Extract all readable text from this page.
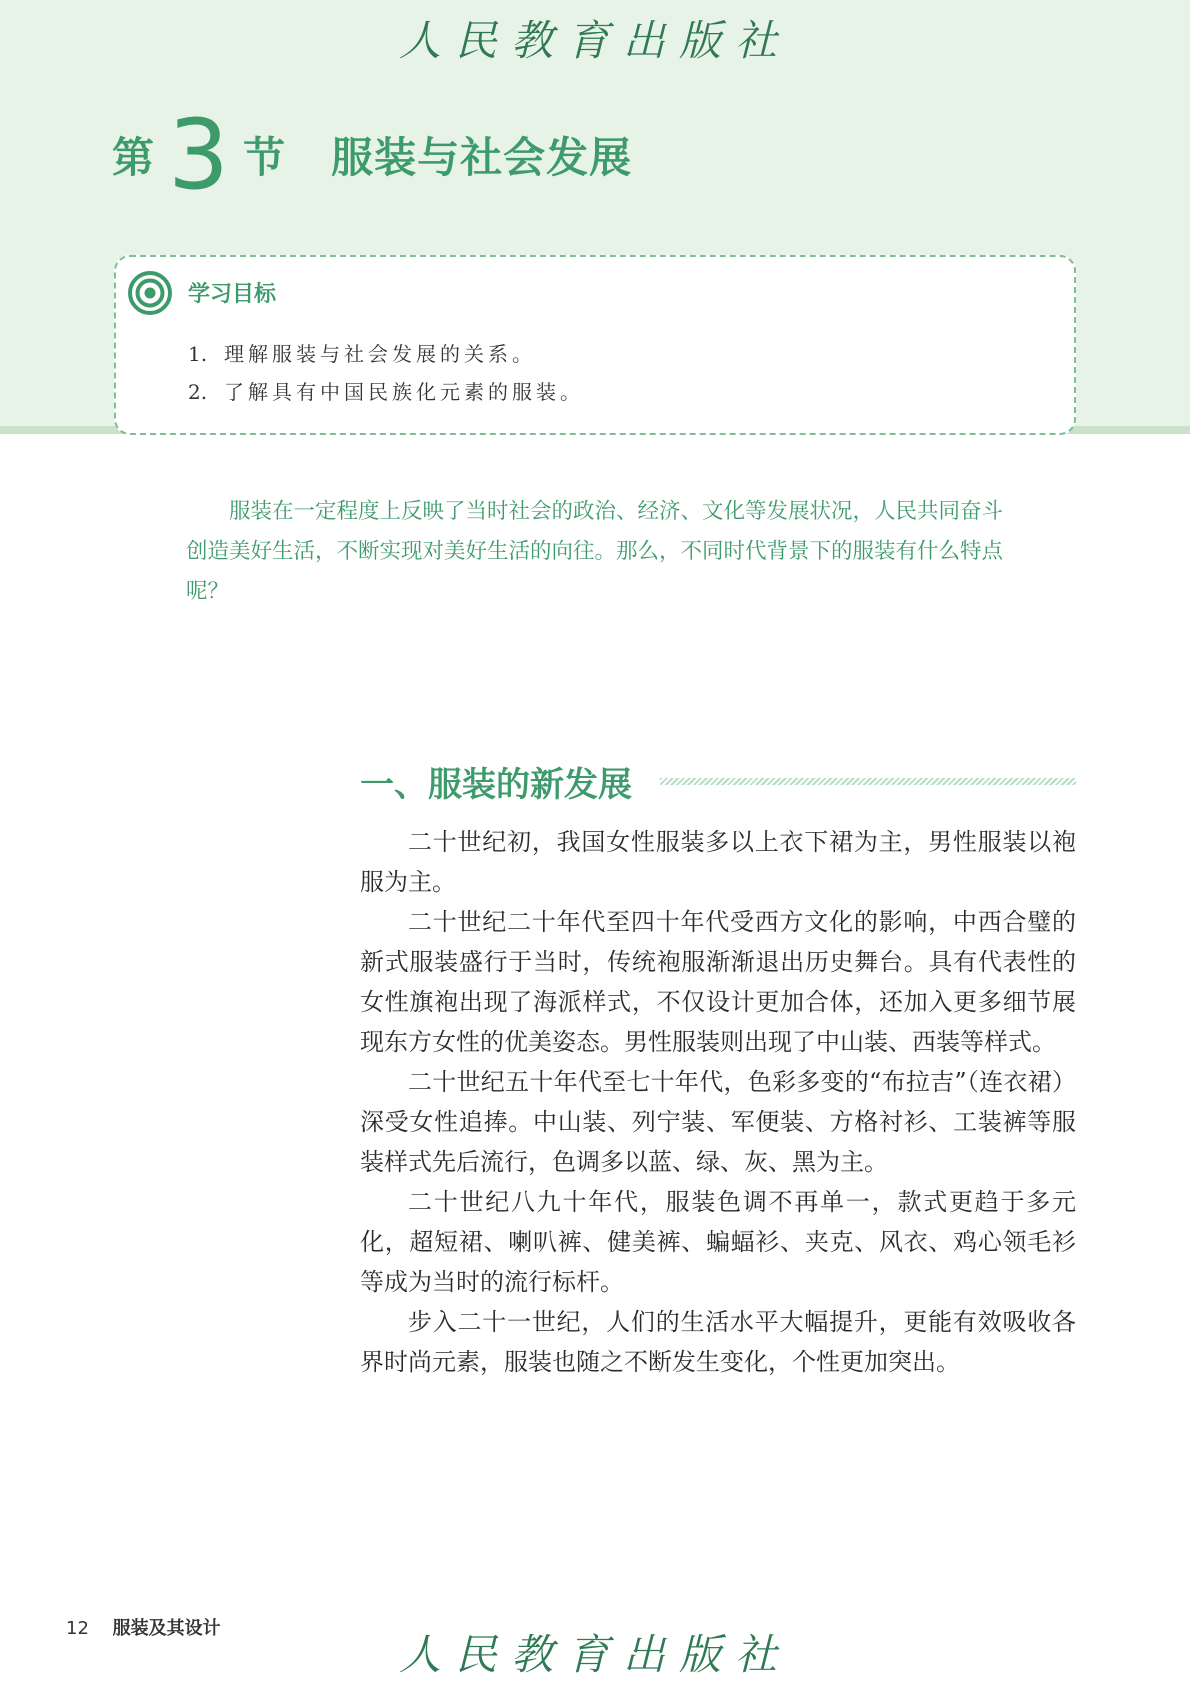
人民教育出版社
第 3 节 服装与社会发展
学习目标
1. 理解服装与社会发展的关系。
2. 了解具有中国民族化元素的服装。

服装在一定程度上反映了当时社会的政治、经济、文化等发展状况，人民共同奋斗创造美好生活，不断实现对美好生活的向往。那么，不同时代背景下的服装有什么特点呢？

一、服装的新发展

二十世纪初，我国女性服装多以上衣下裙为主，男性服装以袍服为主。

二十世纪二十年代至四十年代受西方文化的影响，中西合璧的新式服装盛行于当时，传统袍服渐渐退出历史舞台。具有代表性的女性旗袍出现了海派样式，不仅设计更加合体，还加入更多细节展现东方女性的优美姿态。男性服装则出现了中山装、西装等样式。

二十世纪五十年代至七十年代，色彩多变的“布拉吉”（连衣裙）深受女性追捧。中山装、列宁装、军便装、方格衬衫、工装裤等服装样式先后流行，色调多以蓝、绿、灰、黑为主。

二十世纪八九十年代，服装色调不再单一，款式更趋于多元化，超短裙、喇叭裤、健美裤、蝙蝠衫、夹克、风衣、鸡心领毛衫等成为当时的流行标杆。

步入二十一世纪，人们的生活水平大幅提升，更能有效吸收各界时尚元素，服装也随之不断发生变化，个性更加突出。

12 服装及其设计
人民教育出版社
